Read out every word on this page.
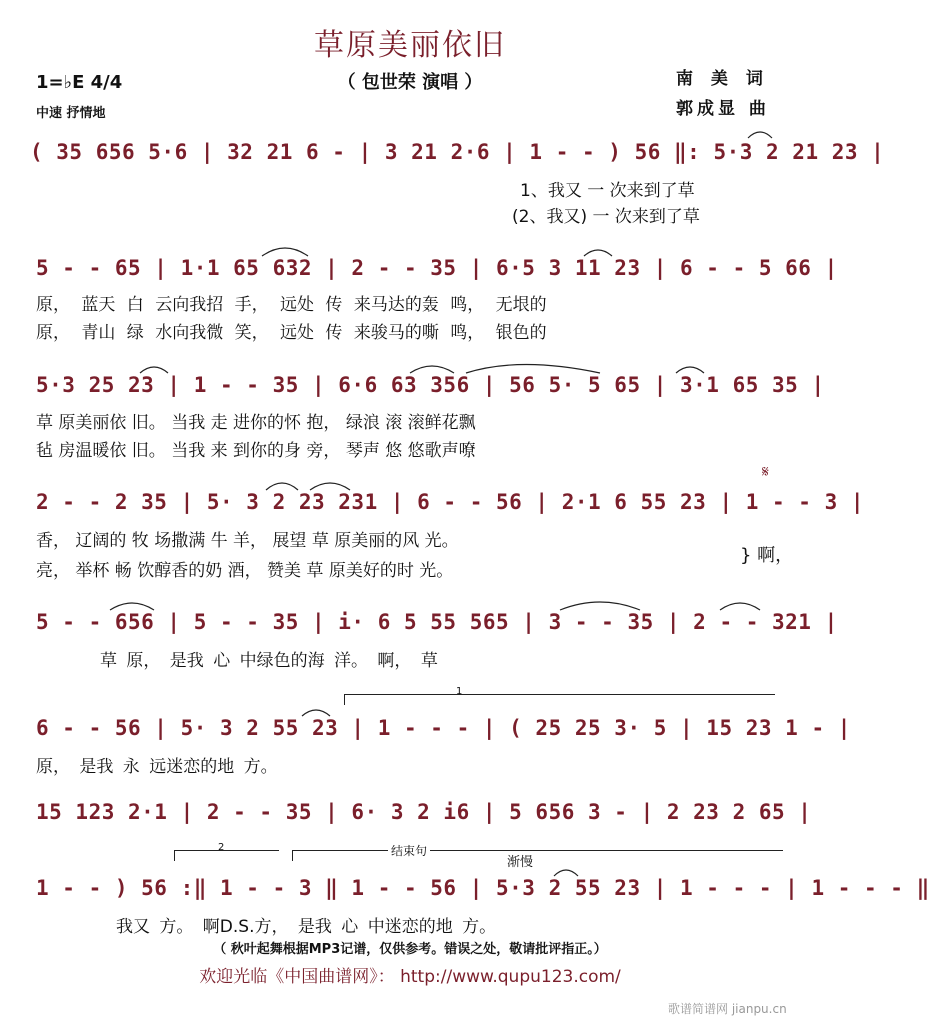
草原美丽依旧
（ 包世荣 演唱 ）
1=♭E 4/4
中速 抒情地
南 美 词
郭成显 曲
( 35 656 5·6 | 32 21 6 - | 3 21 2·6 | 1 - - ) 56 ‖: 5·3 2 21 23 |
1、我又 一 次来到了草
(2、我又) 一 次来到了草
5 - - 65 | 1·1 65 632 | 2 - - 35 | 6·5 3 11 23 | 6 - - 5 66 |
原， 蓝天 白 云向我招 手， 远处 传 来马达的轰 鸣， 无垠的
原， 青山 绿 水向我微 笑， 远处 传 来骏马的嘶 鸣， 银色的
5·3 25 23 | 1 - - 35 | 6·6 63 356 | 56 5· 5 65 | 3·1 65 35 |
草 原美丽依 旧。 当我 走 进你的怀 抱， 绿浪 滚 滚鲜花飘
毡 房温暖依 旧。 当我 来 到你的身 旁， 琴声 悠 悠歌声嘹
𝄋
2 - - 2 35 | 5· 3 2 23 231 | 6 - - 56 | 2·1 6 55 23 | 1 - - 3 |
香， 辽阔的 牧 场撒满 牛 羊， 展望 草 原美丽的风 光。
亮， 举杯 畅 饮醇香的奶 酒， 赞美 草 原美好的时 光。
} 啊，
5 - - 656 | 5 - - 35 | i· 6 5 55 565 | 3 - - 35 | 2 - - 321 |
草 原， 是我 心 中绿色的海 洋。 啊， 草
1
6 - - 56 | 5· 3 2 55 23 | 1 - - - | ( 25 25 3· 5 | 15 23 1 - |
原， 是我 永 远迷恋的地 方。
15 123 2·1 | 2 - - 35 | 6· 3 2 i6 | 5 656 3 - | 2 23 2 65 |
2	结束句
渐慢
1 - - ) 56 :‖ 1 - - 3 ‖ 1 - - 56 | 5·3 2 55 23 | 1 - - - | 1 - - - ‖
我又 方。 啊D.S.方， 是我 心 中迷恋的地 方。
（ 秋叶起舞根据MP3记谱，仅供参考。错误之处，敬请批评指正。）
欢迎光临《中国曲谱网》： http://www.qupu123.com/
歌谱简谱网 jianpu.cn
